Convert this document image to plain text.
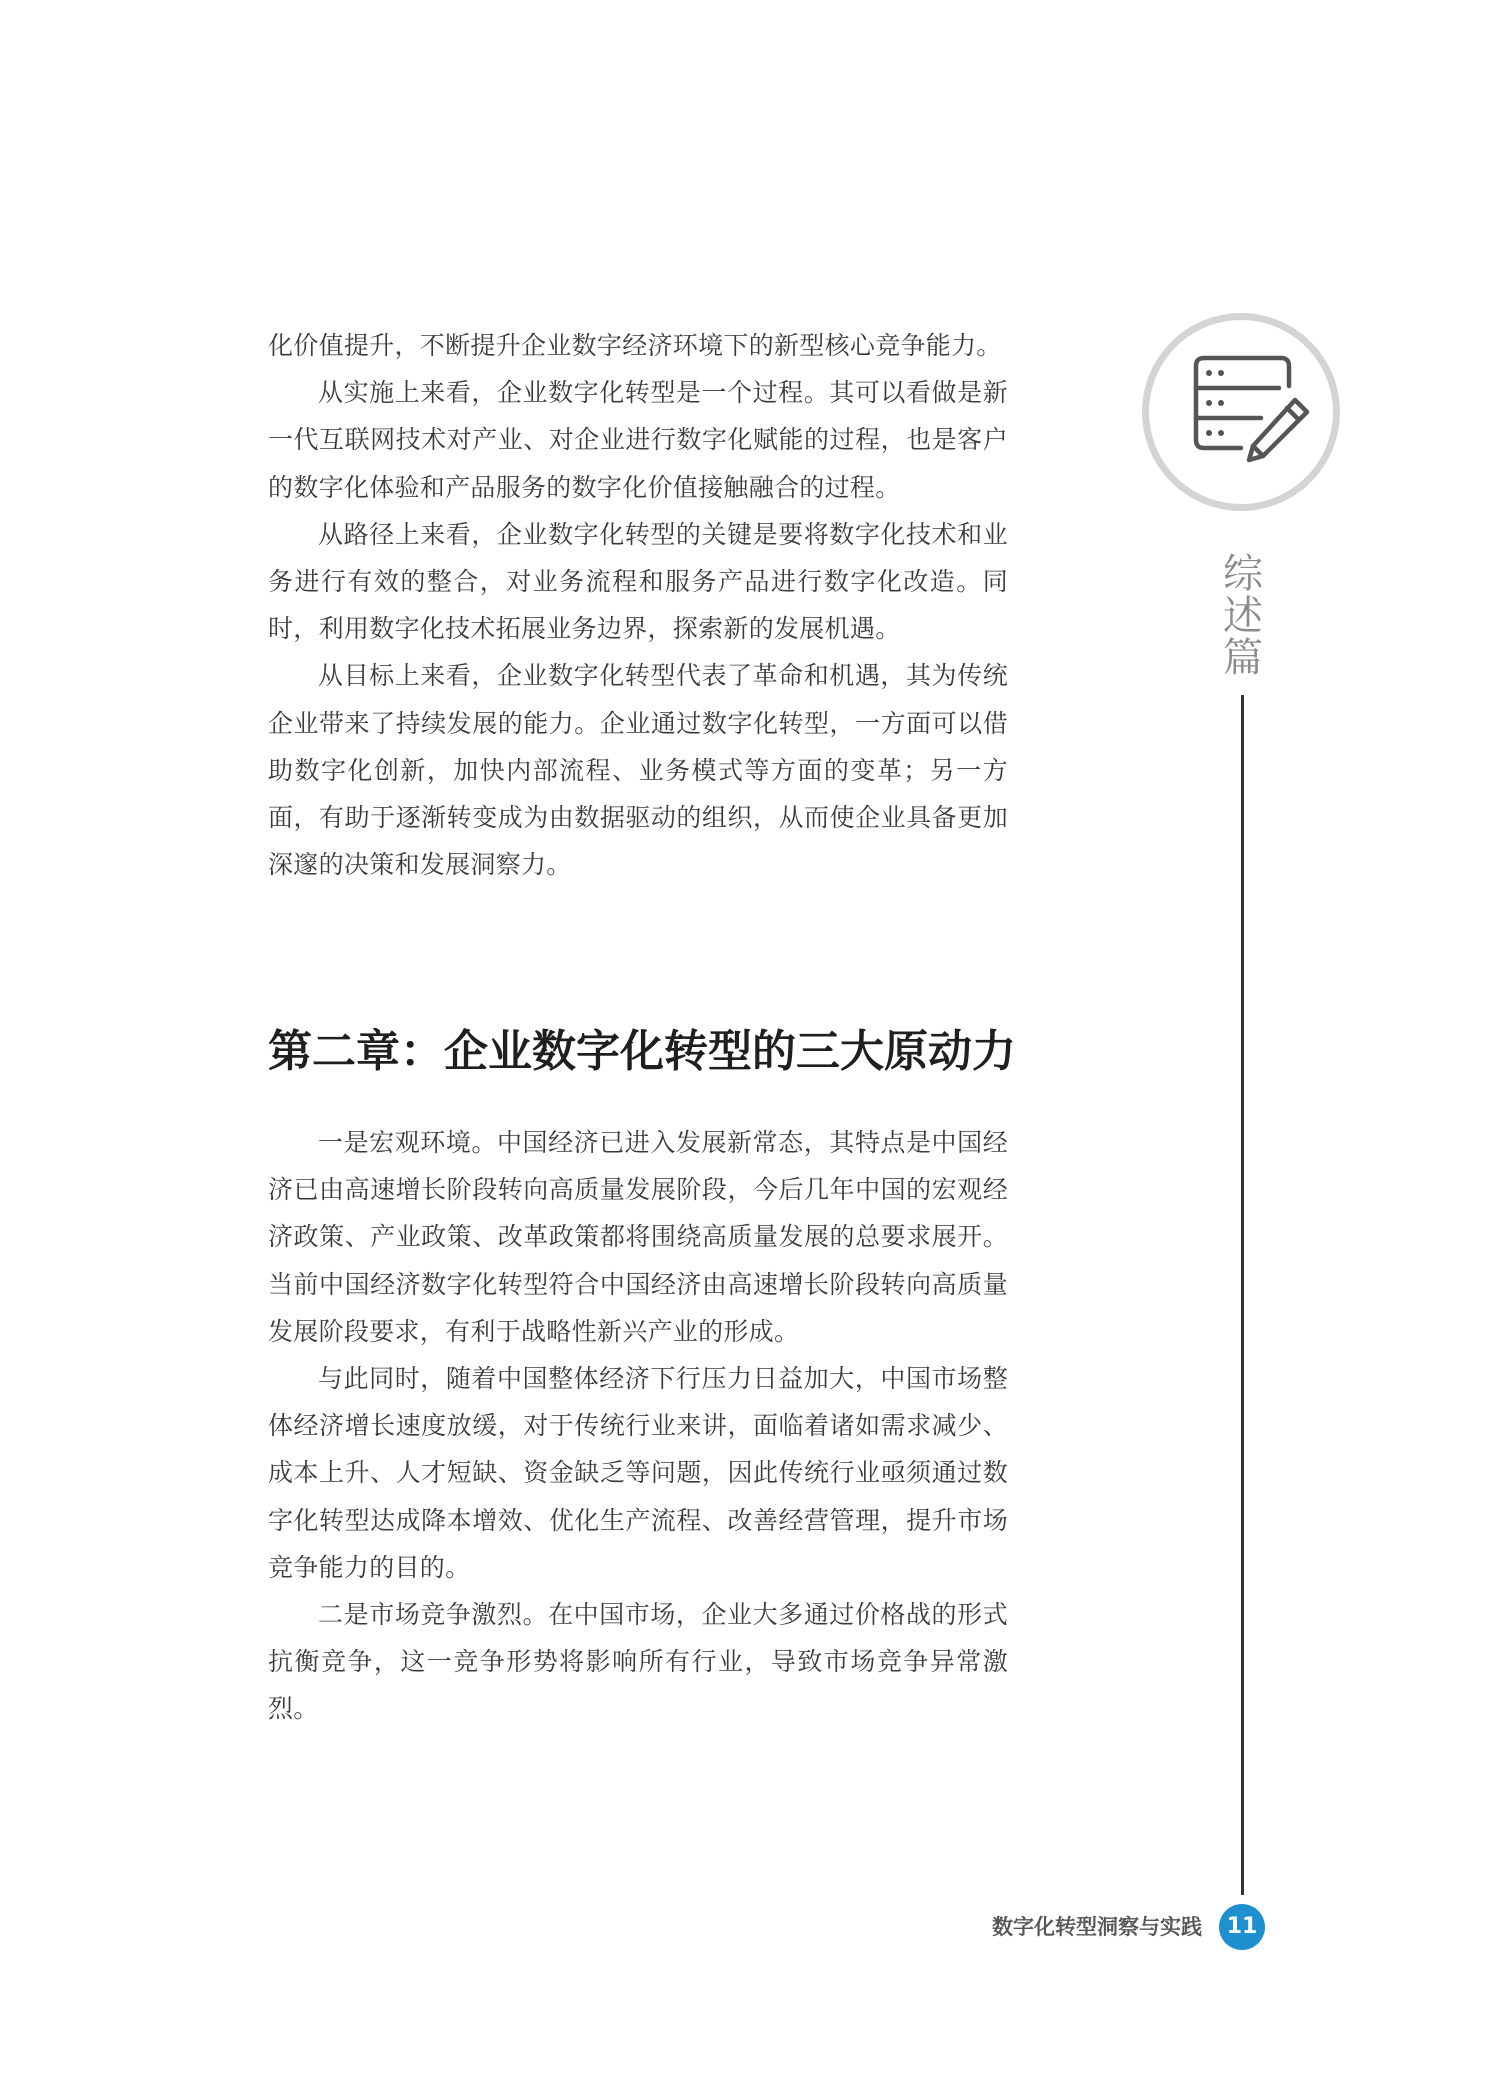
化价值提升，不断提升企业数字经济环境下的新型核心竞争能力。

从实施上来看，企业数字化转型是一个过程。其可以看做是新一代互联网技术对产业、对企业进行数字化赋能的过程，也是客户的数字化体验和产品服务的数字化价值接触融合的过程。

从路径上来看，企业数字化转型的关键是要将数字化技术和业务进行有效的整合，对业务流程和服务产品进行数字化改造。同时，利用数字化技术拓展业务边界，探索新的发展机遇。

从目标上来看，企业数字化转型代表了革命和机遇，其为传统企业带来了持续发展的能力。企业通过数字化转型，一方面可以借助数字化创新，加快内部流程、业务模式等方面的变革；另一方面，有助于逐渐转变成为由数据驱动的组织，从而使企业具备更加深邃的决策和发展洞察力。

第二章：企业数字化转型的三大原动力

一是宏观环境。中国经济已进入发展新常态，其特点是中国经济已由高速增长阶段转向高质量发展阶段，今后几年中国的宏观经济政策、产业政策、改革政策都将围绕高质量发展的总要求展开。当前中国经济数字化转型符合中国经济由高速增长阶段转向高质量发展阶段要求，有利于战略性新兴产业的形成。

与此同时，随着中国整体经济下行压力日益加大，中国市场整体经济增长速度放缓，对于传统行业来讲，面临着诸如需求减少、成本上升、人才短缺、资金缺乏等问题，因此传统行业亟须通过数字化转型达成降本增效、优化生产流程、改善经营管理，提升市场竞争能力的目的。

二是市场竞争激烈。在中国市场，企业大多通过价格战的形式抗衡竞争，这一竞争形势将影响所有行业，导致市场竞争异常激烈。

综述篇
数字化转型洞察与实践	11
